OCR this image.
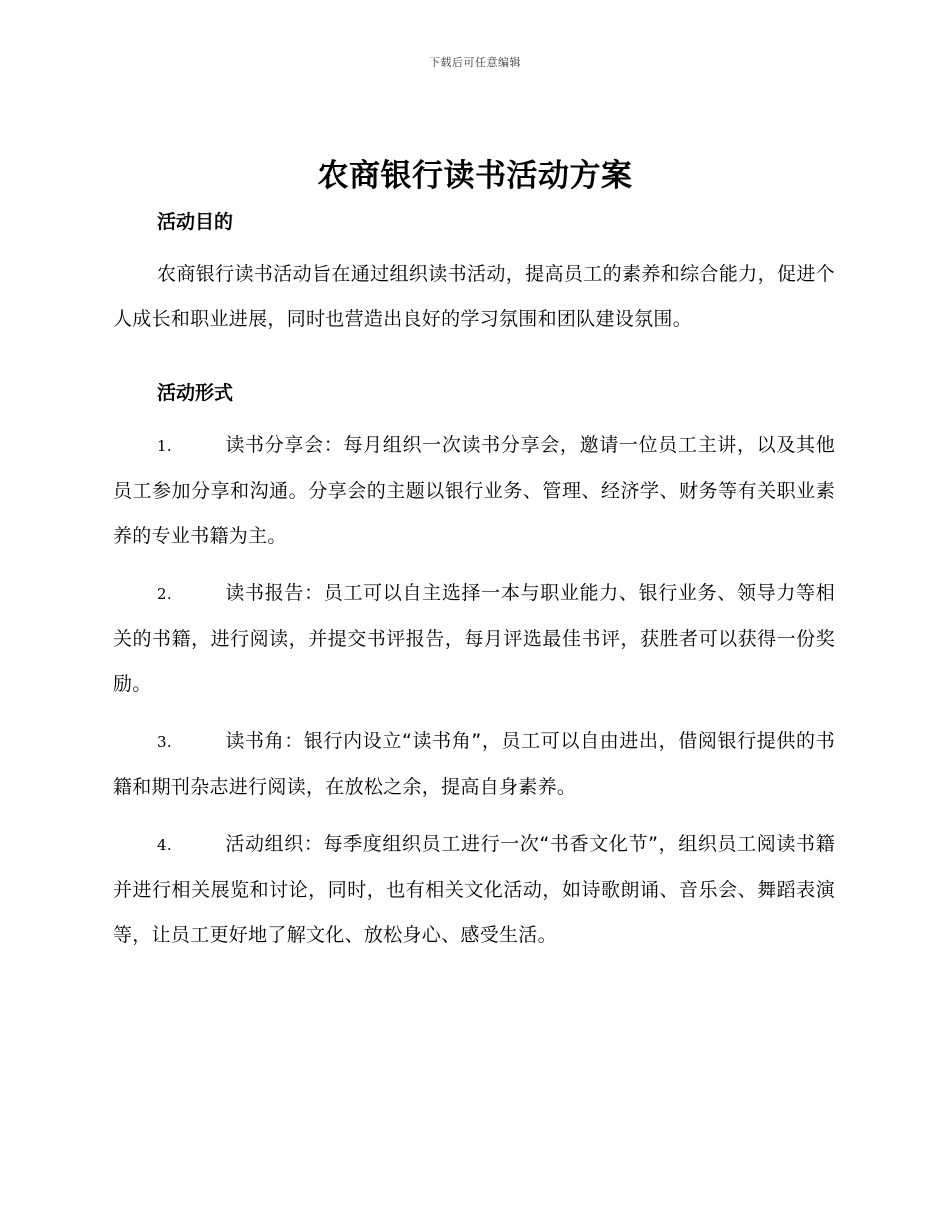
下载后可任意编辑
农商银行读书活动方案
活动目的

农商银行读书活动旨在通过组织读书活动，提高员工的素养和综合能力，促进个人成长和职业进展，同时也营造出良好的学习氛围和团队建设氛围。

活动形式

1.	读书分享会：每月组织一次读书分享会，邀请一位员工主讲，以及其他员工参加分享和沟通。分享会的主题以银行业务、管理、经济学、财务等有关职业素养的专业书籍为主。

2.	读书报告：员工可以自主选择一本与职业能力、银行业务、领导力等相关的书籍，进行阅读，并提交书评报告，每月评选最佳书评，获胜者可以获得一份奖励。

3.	读书角：银行内设立“读书角”，员工可以自由进出，借阅银行提供的书籍和期刊杂志进行阅读，在放松之余，提高自身素养。

4.	活动组织：每季度组织员工进行一次“书香文化节”，组织员工阅读书籍并进行相关展览和讨论，同时，也有相关文化活动，如诗歌朗诵、音乐会、舞蹈表演等，让员工更好地了解文化、放松身心、感受生活。
